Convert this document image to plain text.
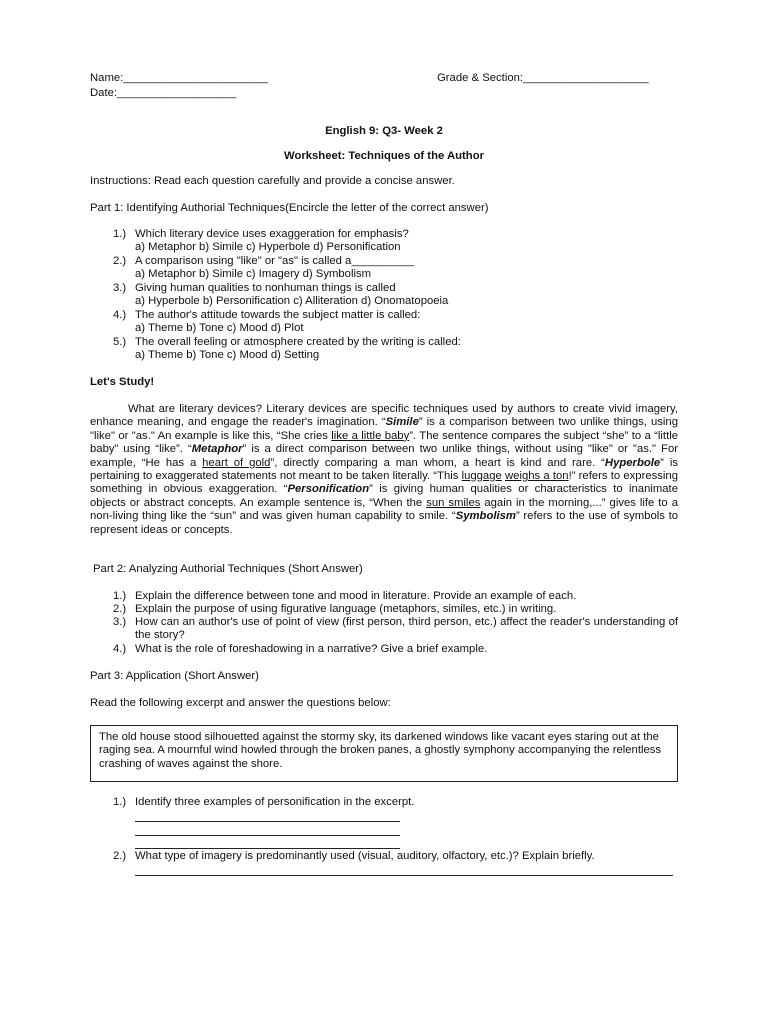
Name:_______________________	Grade & Section:____________________
Date:___________________
English 9: Q3- Week 2
Worksheet: Techniques of the Author
Instructions: Read each question carefully and provide a concise answer.
Part 1: Identifying Authorial Techniques(Encircle the letter of the correct answer)
1.) Which literary device uses exaggeration for emphasis?
a) Metaphor b) Simile c) Hyperbole d) Personification
2.) A comparison using "like" or "as" is called a__________
a) Metaphor b) Simile c) Imagery d) Symbolism
3.) Giving human qualities to nonhuman things is called
a) Hyperbole b) Personification c) Alliteration d) Onomatopoeia
4.) The author's attitude towards the subject matter is called:
a) Theme b) Tone c) Mood d) Plot
5.) The overall feeling or atmosphere created by the writing is called:
a) Theme b) Tone c) Mood d) Setting
Let's Study!
What are literary devices? Literary devices are specific techniques used by authors to create vivid imagery, enhance meaning, and engage the reader's imagination. “Simile” is a comparison between two unlike things, using "like" or "as." An example is like this, “She cries like a little baby”. The sentence compares the subject “she” to a “little baby” using “like”. “Metaphor” is a direct comparison between two unlike things, without using "like" or "as." For example, “He has a heart of gold”, directly comparing a man whom, a heart is kind and rare. “Hyperbole” is pertaining to exaggerated statements not meant to be taken literally. “This luggage weighs a ton!” refers to expressing something in obvious exaggeration. “Personification” is giving human qualities or characteristics to inanimate objects or abstract concepts. An example sentence is, “When the sun smiles again in the morning,...” gives life to a non-living thing like the “sun” and was given human capability to smile. “Symbolism” refers to the use of symbols to represent ideas or concepts.
Part 2: Analyzing Authorial Techniques (Short Answer)
1.) Explain the difference between tone and mood in literature. Provide an example of each.
2.) Explain the purpose of using figurative language (metaphors, similes, etc.) in writing.
3.) How can an author's use of point of view (first person, third person, etc.) affect the reader's understanding of the story?
4.) What is the role of foreshadowing in a narrative? Give a brief example.
Part 3: Application (Short Answer)
Read the following excerpt and answer the questions below:
The old house stood silhouetted against the stormy sky, its darkened windows like vacant eyes staring out at the raging sea. A mournful wind howled through the broken panes, a ghostly symphony accompanying the relentless crashing of waves against the shore.
1.) Identify three examples of personification in the excerpt.
2.) What type of imagery is predominantly used (visual, auditory, olfactory, etc.)? Explain briefly.
